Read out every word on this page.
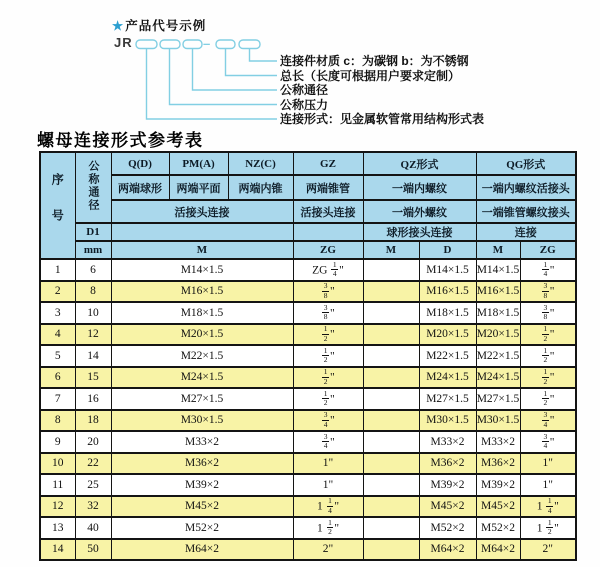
★产品代号示例
JR	–
连接件材质 c：为碳钢 b：为不锈钢
总长（长度可根据用户要求定制）
公称通径
公称压力
连接形式：见金属软管常用结构形式表
螺母连接形式参考表
序号	公称通径	Q(D)	PM(A)	NZ(C)	GZ	QZ形式		QG形式	
		两端球形	两端平面	两端内锥	两端锥管	一端内螺纹		一端内螺纹活接头	
		活接头连接			活接头连接	一端外螺纹		一端锥管螺纹接头	
	D1					球形接头连接		连接	
	mm	M			ZG	M	D	M	ZG
1	6	M14×1.5			ZG $\frac{1}{4}$ "		M14×1.5	M14×1.5	$\frac{1}{4}$ "
2	8	M16×1.5			$\frac{3}{8}$ "		M16×1.5	M16×1.5	$\frac{3}{8}$ "
3	10	M18×1.5			$\frac{3}{8}$ "		M18×1.5	M18×1.5	$\frac{3}{8}$ "
4	12	M20×1.5			$\frac{1}{2}$ "		M20×1.5	M20×1.5	$\frac{1}{2}$ "
5	14	M22×1.5			$\frac{1}{2}$ "		M22×1.5	M22×1.5	$\frac{1}{2}$ "
6	15	M24×1.5			$\frac{1}{2}$ "		M24×1.5	M24×1.5	$\frac{1}{2}$ "
7	16	M27×1.5			$\frac{1}{2}$ "		M27×1.5	M27×1.5	$\frac{1}{2}$ "
8	18	M30×1.5			$\frac{3}{4}$ "		M30×1.5	M30×1.5	$\frac{3}{4}$ "
9	20	M33×2			$\frac{3}{4}$ "		M33×2	M33×2	$\frac{3}{4}$ "
10	22	M36×2			1"		M36×2	M36×2	1"
11	25	M39×2			1"		M39×2	M39×2	1"
12	32	M45×2			$1 \frac{1}{4}$ "		M45×2	M45×2	$1 \frac{1}{4}$ "
13	40	M52×2			$1 \frac{1}{2}$ "		M52×2	M52×2	$1 \frac{1}{2}$ "
14	50	M64×2			2"		M64×2	M64×2	2"
